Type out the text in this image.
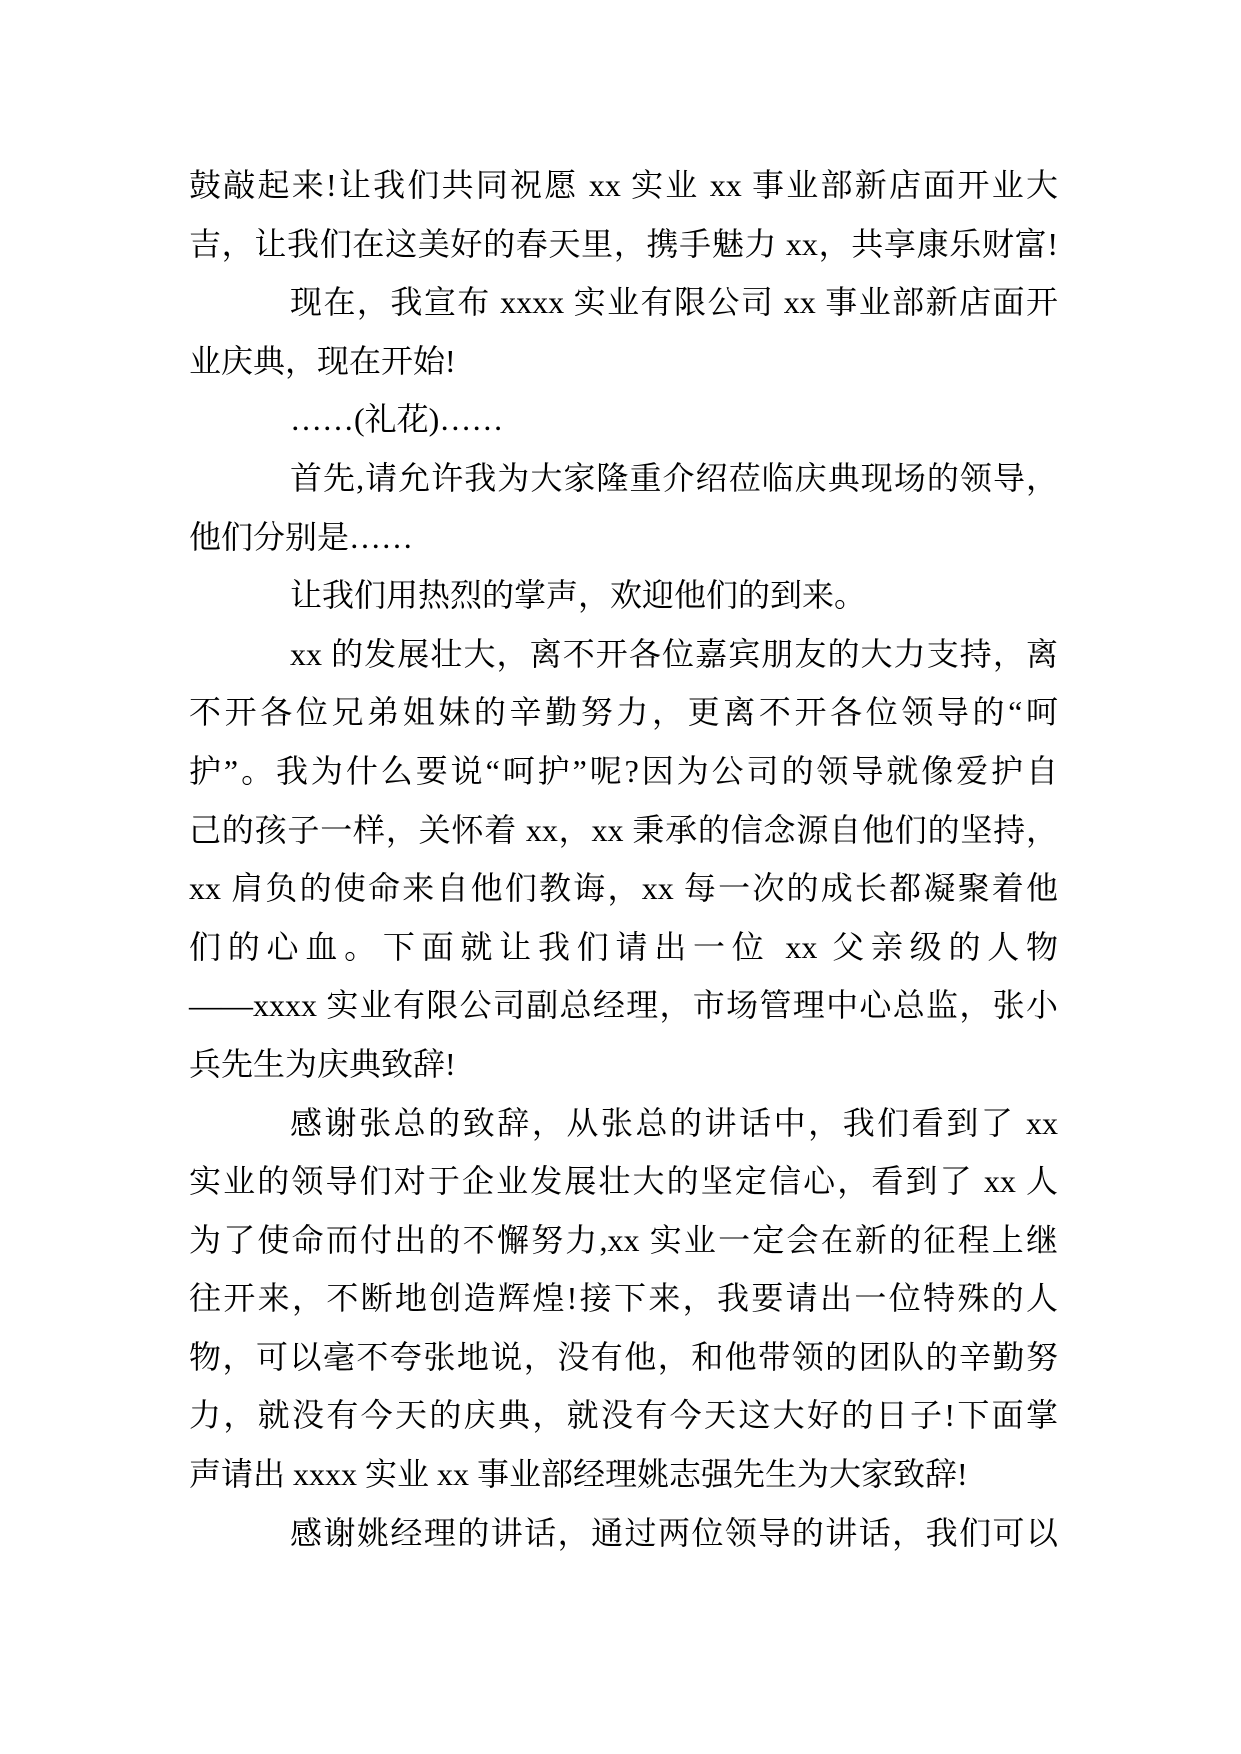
鼓敲起来!让我们共同祝愿 xx 实业 xx 事业部新店面开业大
吉，让我们在这美好的春天里，携手魅力 xx，共享康乐财富!
现在，我宣布 xxxx 实业有限公司 xx 事业部新店面开
业庆典，现在开始!
……(礼花)……
首先,请允许我为大家隆重介绍莅临庆典现场的领导，
他们分别是……
让我们用热烈的掌声，欢迎他们的到来。
xx 的发展壮大，离不开各位嘉宾朋友的大力支持，离
不开各位兄弟姐妹的辛勤努力，更离不开各位领导的“呵
护”。我为什么要说“呵护”呢?因为公司的领导就像爱护自
己的孩子一样，关怀着 xx，xx 秉承的信念源自他们的坚持，
xx 肩负的使命来自他们教诲，xx 每一次的成长都凝聚着他
们的心血。下面就让我们请出一位 xx 父亲级的人物
——xxxx 实业有限公司副总经理，市场管理中心总监，张小
兵先生为庆典致辞!
感谢张总的致辞，从张总的讲话中，我们看到了 xx
实业的领导们对于企业发展壮大的坚定信心，看到了 xx 人
为了使命而付出的不懈努力,xx 实业一定会在新的征程上继
往开来，不断地创造辉煌!接下来，我要请出一位特殊的人
物，可以毫不夸张地说，没有他，和他带领的团队的辛勤努
力，就没有今天的庆典，就没有今天这大好的日子!下面掌
声请出 xxxx 实业 xx 事业部经理姚志强先生为大家致辞!
感谢姚经理的讲话，通过两位领导的讲话，我们可以
